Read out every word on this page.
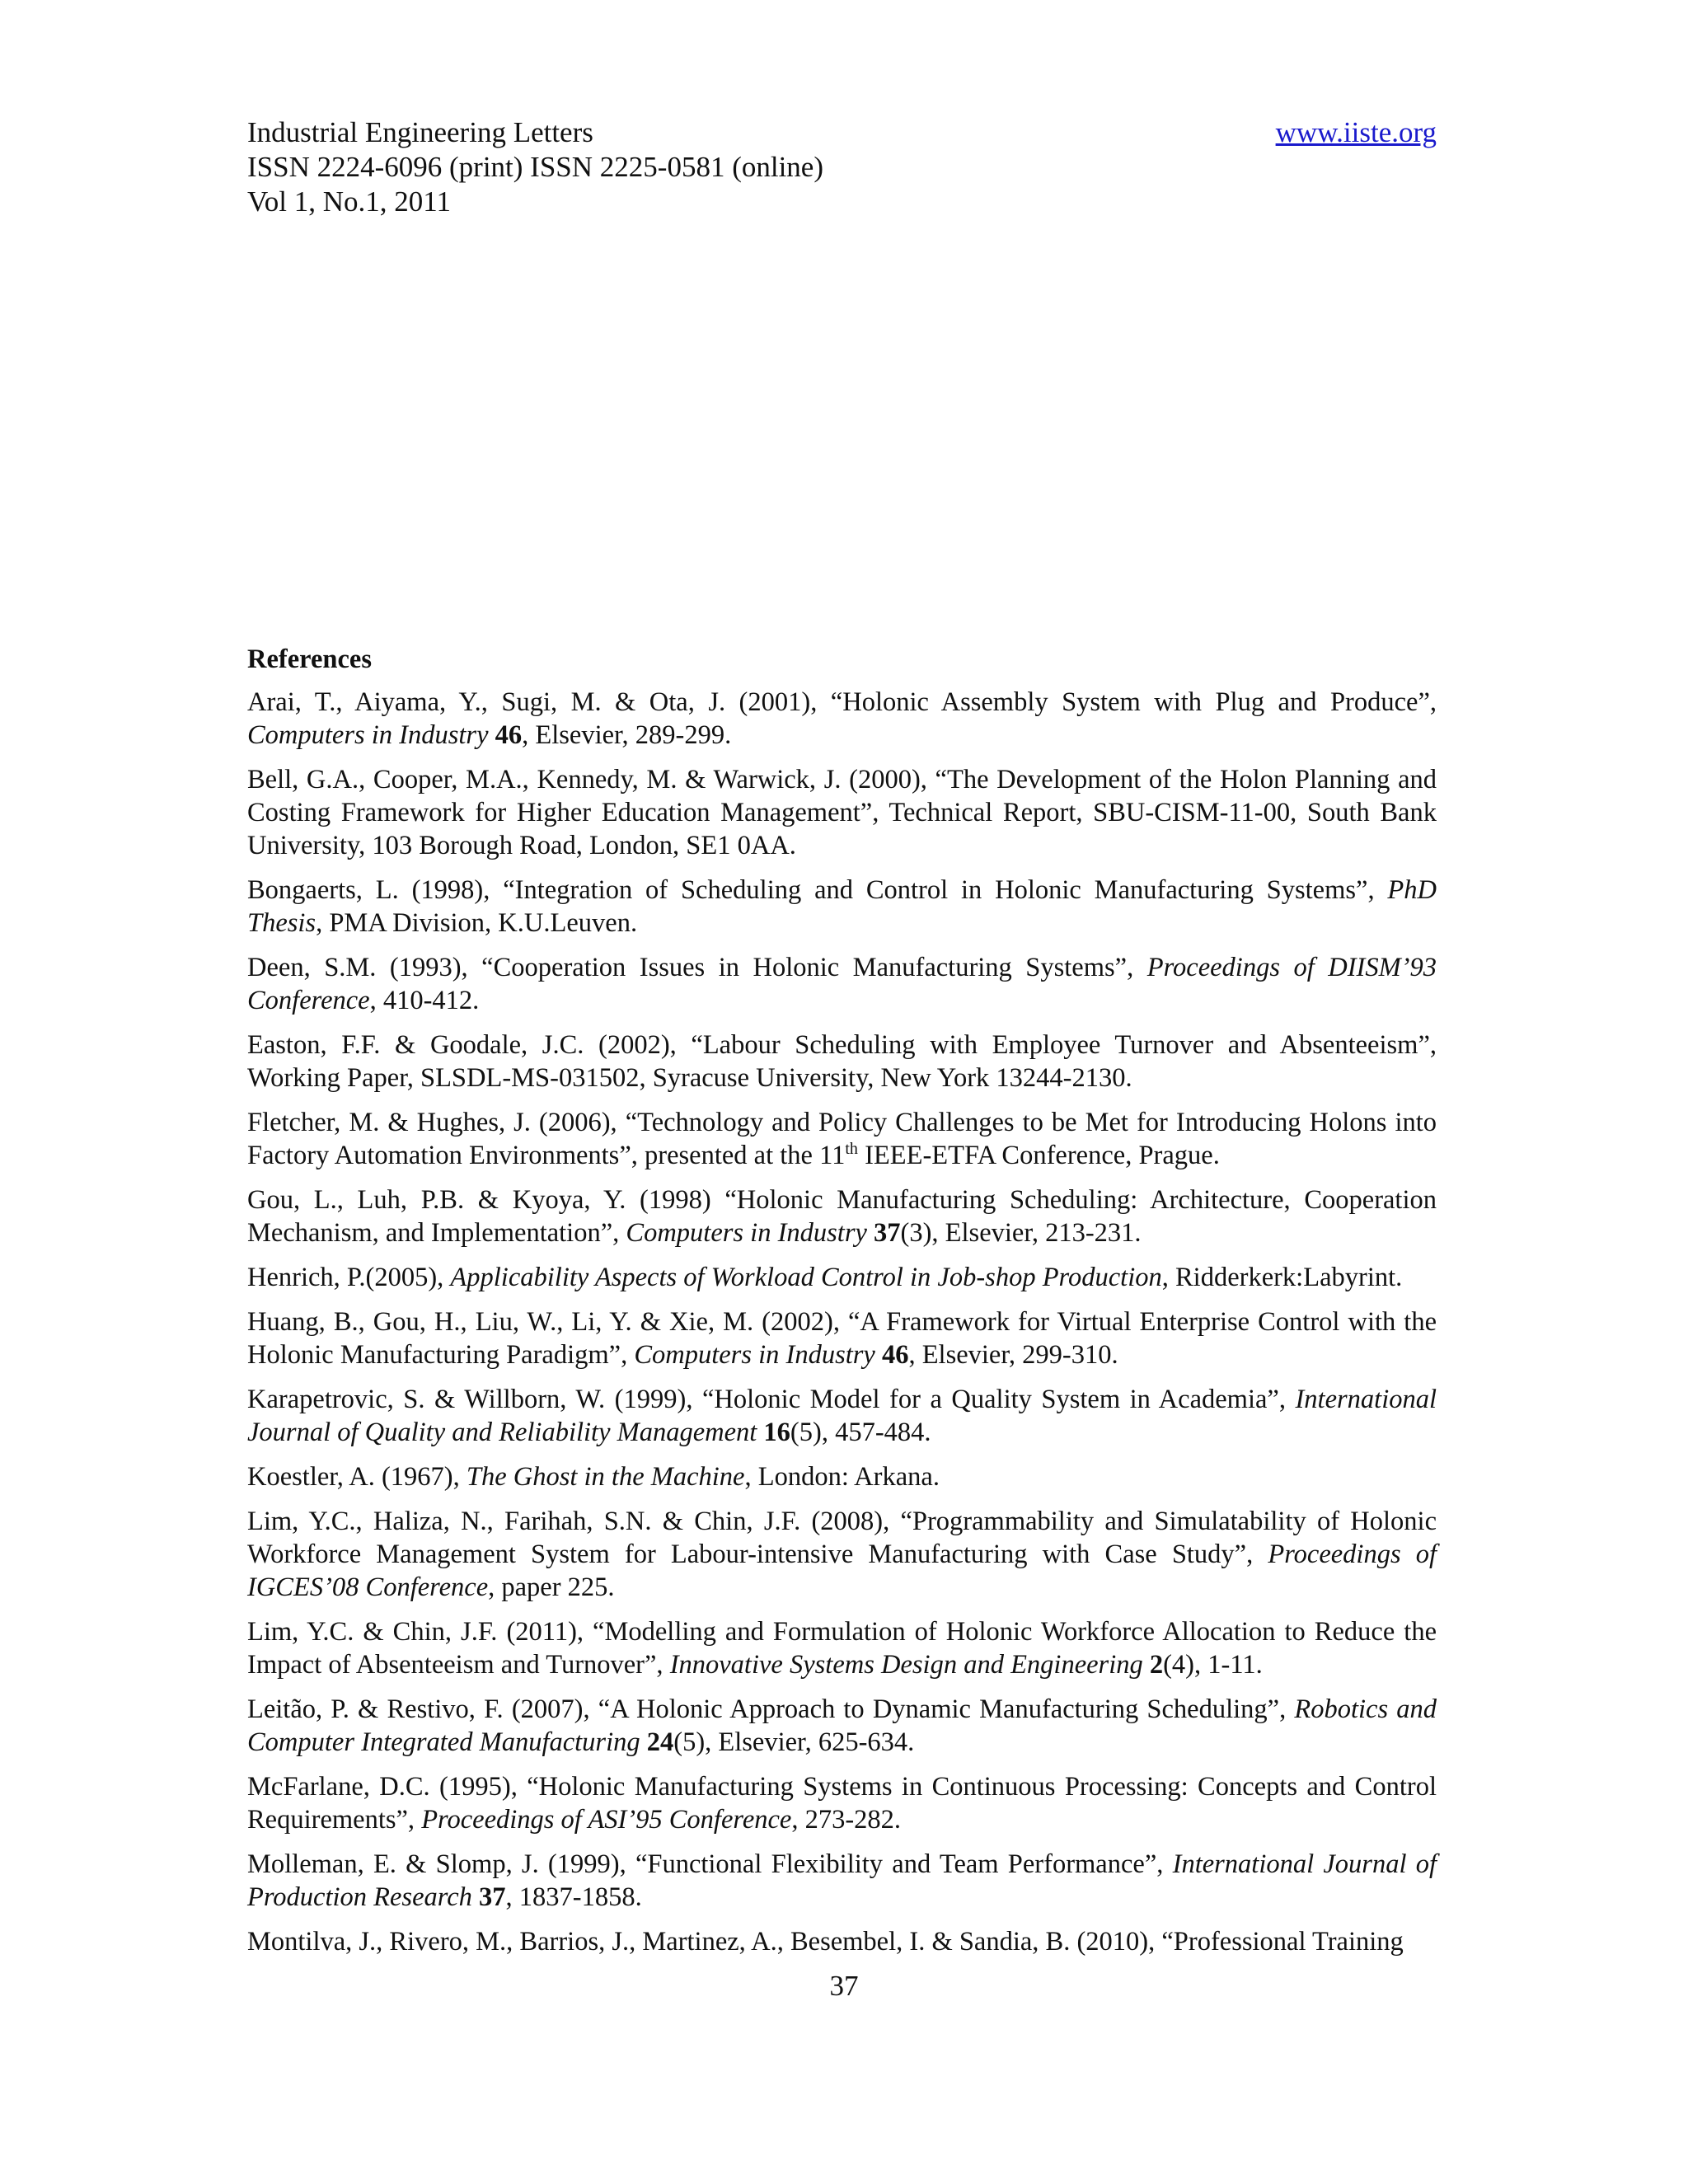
Industrial Engineering Letters
ISSN 2224-6096 (print) ISSN 2225-0581 (online)
Vol 1, No.1, 2011
www.iiste.org
References
Arai, T., Aiyama, Y., Sugi, M. & Ota, J. (2001), “Holonic Assembly System with Plug and Produce”, Computers in Industry 46, Elsevier, 289-299.
Bell, G.A., Cooper, M.A., Kennedy, M. & Warwick, J. (2000), “The Development of the Holon Planning and Costing Framework for Higher Education Management”, Technical Report, SBU-CISM-11-00, South Bank University, 103 Borough Road, London, SE1 0AA.
Bongaerts, L. (1998), “Integration of Scheduling and Control in Holonic Manufacturing Systems”, PhD Thesis, PMA Division, K.U.Leuven.
Deen, S.M. (1993), “Cooperation Issues in Holonic Manufacturing Systems”, Proceedings of DIISM’93 Conference, 410-412.
Easton, F.F. & Goodale, J.C. (2002), “Labour Scheduling with Employee Turnover and Absenteeism”, Working Paper, SLSDL-MS-031502, Syracuse University, New York 13244-2130.
Fletcher, M. & Hughes, J. (2006), “Technology and Policy Challenges to be Met for Introducing Holons into Factory Automation Environments”, presented at the 11th IEEE-ETFA Conference, Prague.
Gou, L., Luh, P.B. & Kyoya, Y. (1998) “Holonic Manufacturing Scheduling: Architecture, Cooperation Mechanism, and Implementation”, Computers in Industry 37(3), Elsevier, 213-231.
Henrich, P.(2005), Applicability Aspects of Workload Control in Job-shop Production, Ridderkerk:Labyrint.
Huang, B., Gou, H., Liu, W., Li, Y. & Xie, M. (2002), “A Framework for Virtual Enterprise Control with the Holonic Manufacturing Paradigm”, Computers in Industry 46, Elsevier, 299-310.
Karapetrovic, S. & Willborn, W. (1999), “Holonic Model for a Quality System in Academia”, International Journal of Quality and Reliability Management 16(5), 457-484.
Koestler, A. (1967), The Ghost in the Machine, London: Arkana.
Lim, Y.C., Haliza, N., Farihah, S.N. & Chin, J.F. (2008), “Programmability and Simulatability of Holonic Workforce Management System for Labour-intensive Manufacturing with Case Study”, Proceedings of IGCES’08 Conference, paper 225.
Lim, Y.C. & Chin, J.F. (2011), “Modelling and Formulation of Holonic Workforce Allocation to Reduce the Impact of Absenteeism and Turnover”, Innovative Systems Design and Engineering 2(4), 1-11.
Leitão, P. & Restivo, F. (2007), “A Holonic Approach to Dynamic Manufacturing Scheduling”, Robotics and Computer Integrated Manufacturing 24(5), Elsevier, 625-634.
McFarlane, D.C. (1995), “Holonic Manufacturing Systems in Continuous Processing: Concepts and Control Requirements”, Proceedings of ASI’95 Conference, 273-282.
Molleman, E. & Slomp, J. (1999), “Functional Flexibility and Team Performance”, International Journal of Production Research 37, 1837-1858.
Montilva, J., Rivero, M., Barrios, J., Martinez, A., Besembel, I. & Sandia, B. (2010), “Professional Training
37
